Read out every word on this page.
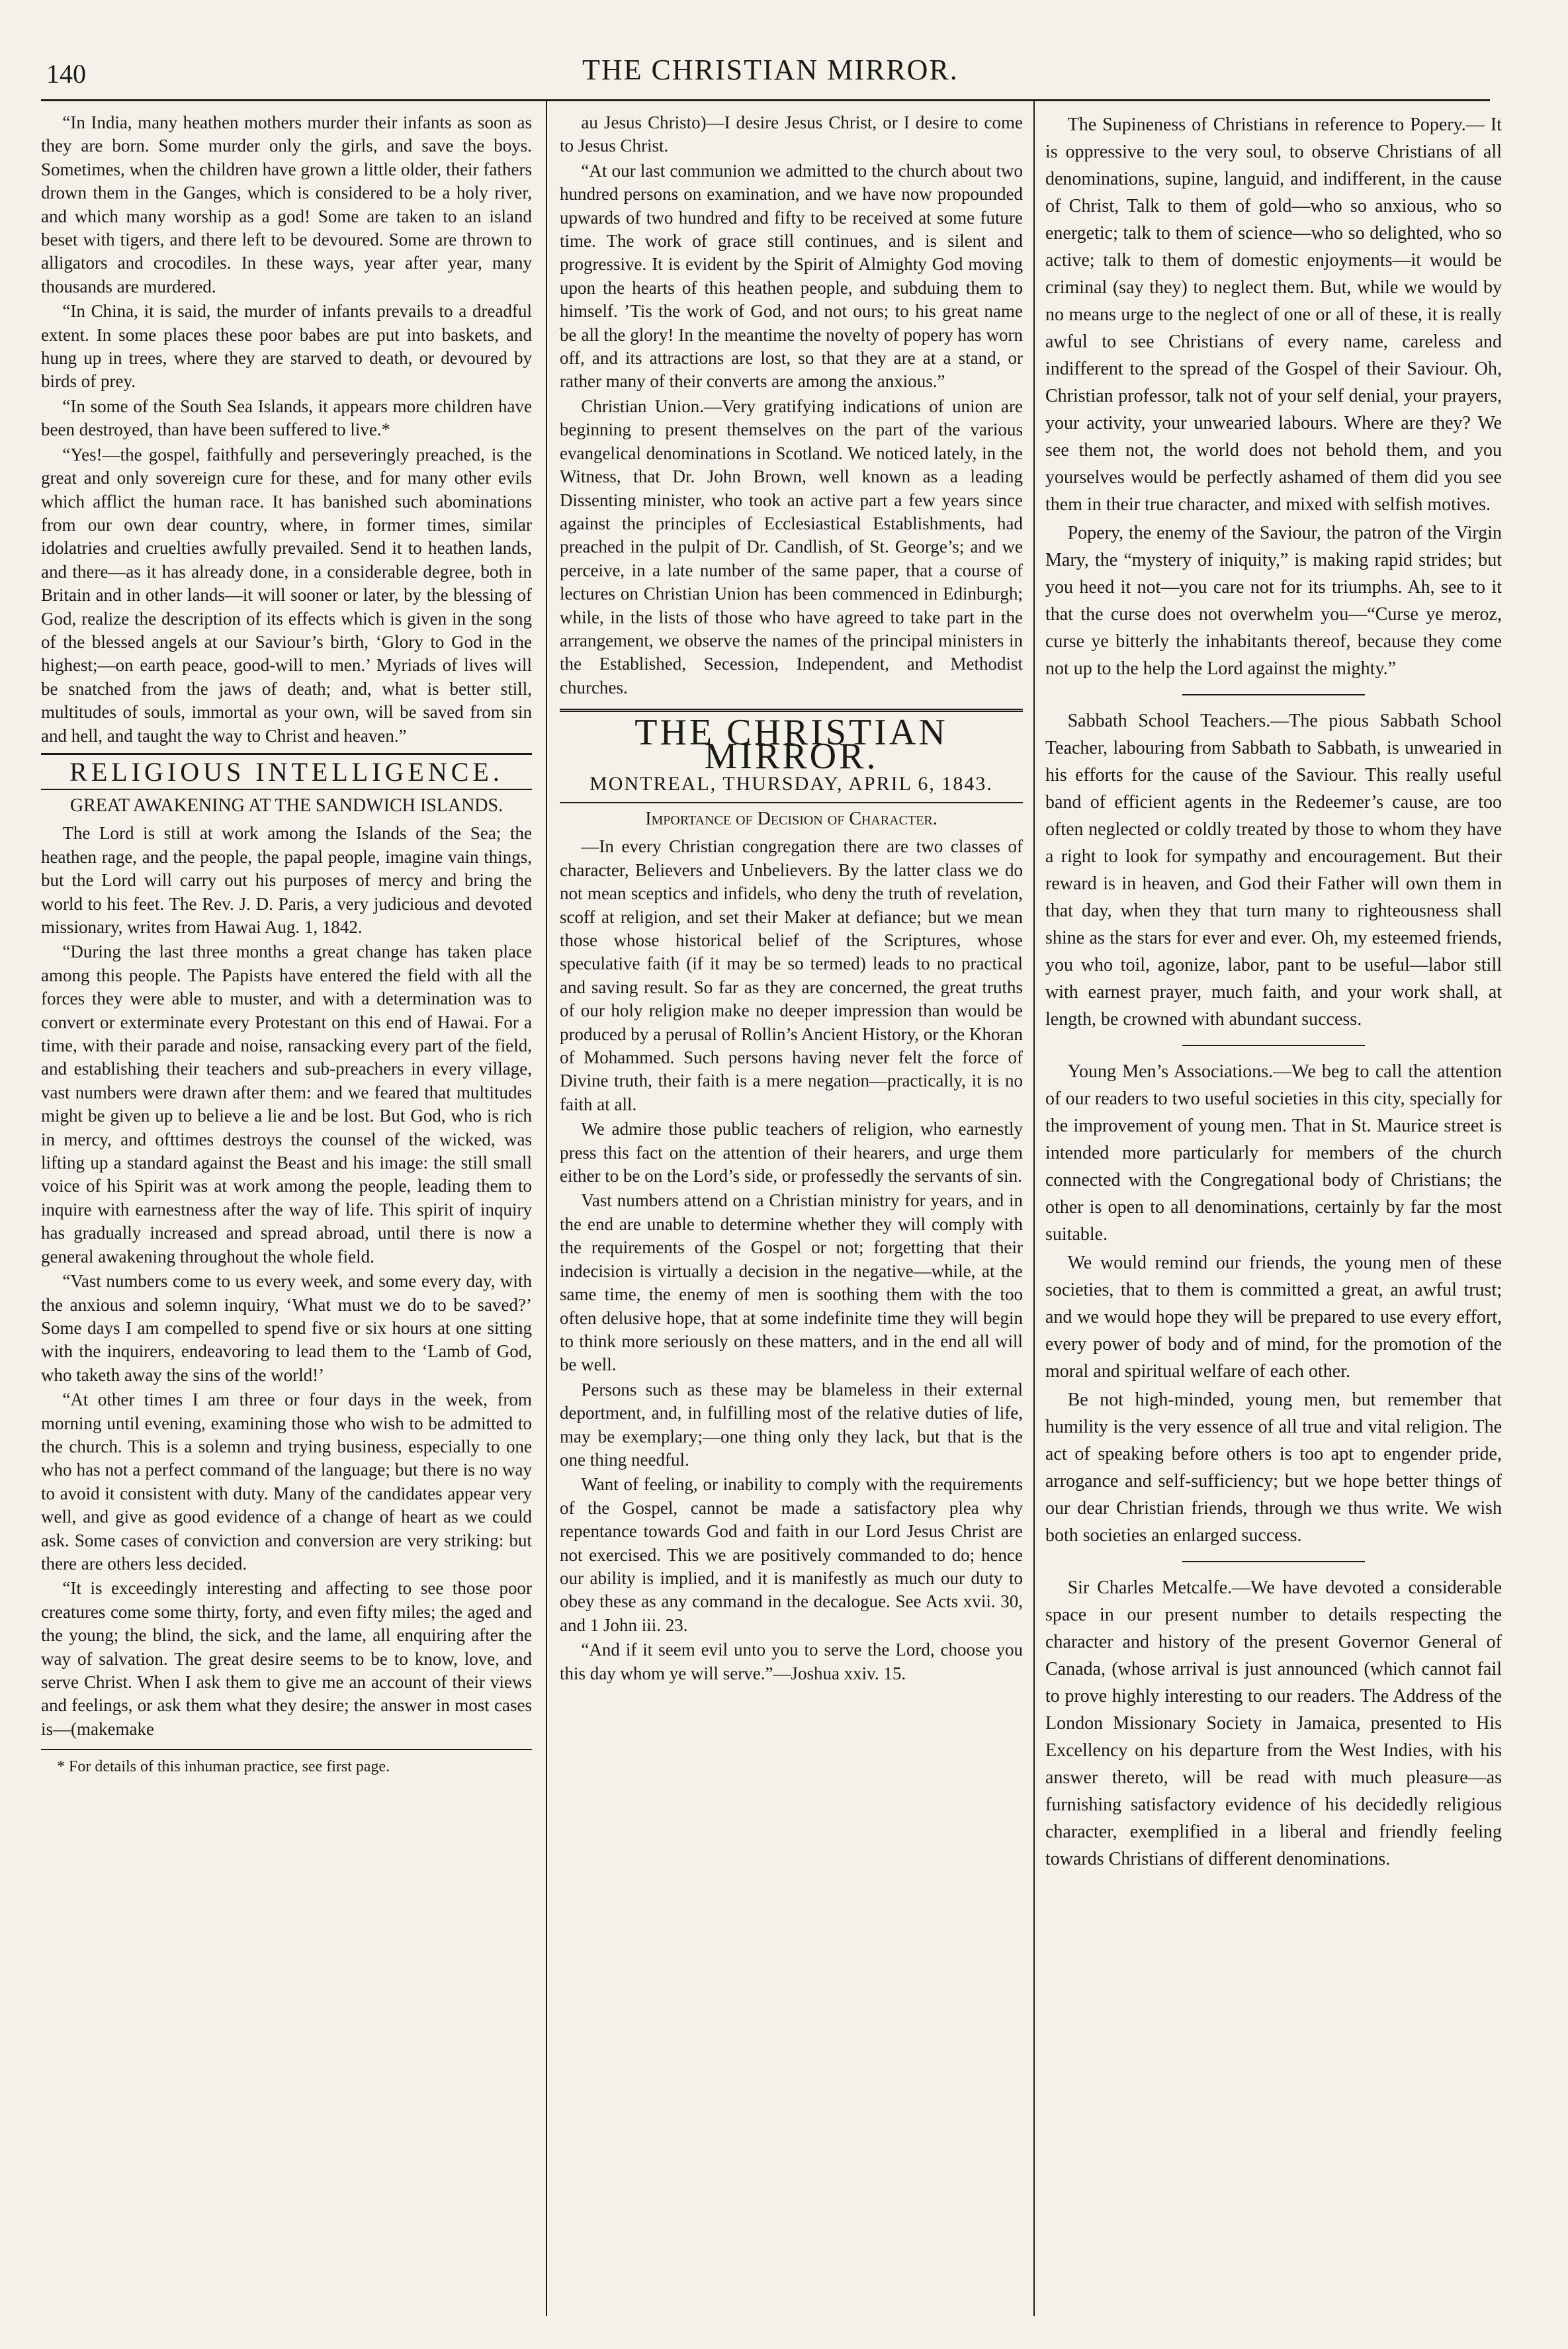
140	THE CHRISTIAN MIRROR.

“In India, many heathen mothers murder their infants as soon as they are born. Some murder only the girls, and save the boys. Sometimes, when the children have grown a little older, their fathers drown them in the Ganges, which is considered to be a holy river, and which many worship as a god! Some are taken to an island beset with tigers, and there left to be devoured. Some are thrown to alligators and crocodiles. In these ways, year after year, many thousands are murdered.

“In China, it is said, the murder of infants prevails to a dreadful extent. In some places these poor babes are put into baskets, and hung up in trees, where they are starved to death, or devoured by birds of prey.

“In some of the South Sea Islands, it appears more children have been destroyed, than have been suffered to live.*

“Yes!—the gospel, faithfully and perseveringly preached, is the great and only sovereign cure for these, and for many other evils which afflict the human race. It has banished such abominations from our own dear country, where, in former times, similar idolatries and cruelties awfully prevailed. Send it to heathen lands, and there—as it has already done, in a considerable degree, both in Britain and in other lands—it will sooner or later, by the blessing of God, realize the description of its effects which is given in the song of the blessed angels at our Saviour’s birth, ‘Glory to God in the highest;—on earth peace, good-will to men.’ Myriads of lives will be snatched from the jaws of death; and, what is better still, multitudes of souls, immortal as your own, will be saved from sin and hell, and taught the way to Christ and heaven.”

RELIGIOUS INTELLIGENCE.
GREAT AWAKENING AT THE SANDWICH ISLANDS.

The Lord is still at work among the Islands of the Sea; the heathen rage, and the people, the papal people, imagine vain things, but the Lord will carry out his purposes of mercy and bring the world to his feet. The Rev. J. D. Paris, a very judicious and devoted missionary, writes from Hawai Aug. 1, 1842.

“During the last three months a great change has taken place among this people. The Papists have entered the field with all the forces they were able to muster, and with a determination was to convert or exterminate every Protestant on this end of Hawai. For a time, with their parade and noise, ransacking every part of the field, and establishing their teachers and sub-preachers in every village, vast numbers were drawn after them: and we feared that multitudes might be given up to believe a lie and be lost. But God, who is rich in mercy, and ofttimes destroys the counsel of the wicked, was lifting up a standard against the Beast and his image: the still small voice of his Spirit was at work among the people, leading them to inquire with earnestness after the way of life. This spirit of inquiry has gradually increased and spread abroad, until there is now a general awakening throughout the whole field.

“Vast numbers come to us every week, and some every day, with the anxious and solemn inquiry, ‘What must we do to be saved?’ Some days I am compelled to spend five or six hours at one sitting with the inquirers, endeavoring to lead them to the ‘Lamb of God, who taketh away the sins of the world!’

“At other times I am three or four days in the week, from morning until evening, examining those who wish to be admitted to the church. This is a solemn and trying business, especially to one who has not a perfect command of the language; but there is no way to avoid it consistent with duty. Many of the candidates appear very well, and give as good evidence of a change of heart as we could ask. Some cases of conviction and conversion are very striking: but there are others less decided.

“It is exceedingly interesting and affecting to see those poor creatures come some thirty, forty, and even fifty miles; the aged and the young; the blind, the sick, and the lame, all enquiring after the way of salvation. The great desire seems to be to know, love, and serve Christ. When I ask them to give me an account of their views and feelings, or ask them what they desire; the answer in most cases is—(makemake

* For details of this inhuman practice, see first page.

au Jesus Christo)—I desire Jesus Christ, or I desire to come to Jesus Christ.

“At our last communion we admitted to the church about two hundred persons on examination, and we have now propounded upwards of two hundred and fifty to be received at some future time. The work of grace still continues, and is silent and progressive. It is evident by the Spirit of Almighty God moving upon the hearts of this heathen people, and subduing them to himself. ’Tis the work of God, and not ours; to his great name be all the glory! In the meantime the novelty of popery has worn off, and its attractions are lost, so that they are at a stand, or rather many of their converts are among the anxious.”

Christian Union.—Very gratifying indications of union are beginning to present themselves on the part of the various evangelical denominations in Scotland. We noticed lately, in the Witness, that Dr. John Brown, well known as a leading Dissenting minister, who took an active part a few years since against the principles of Ecclesiastical Establishments, had preached in the pulpit of Dr. Candlish, of St. George’s; and we perceive, in a late number of the same paper, that a course of lectures on Christian Union has been commenced in Edinburgh; while, in the lists of those who have agreed to take part in the arrangement, we observe the names of the principal ministers in the Established, Secession, Independent, and Methodist churches.

THE CHRISTIAN MIRROR.
MONTREAL, THURSDAY, APRIL 6, 1843.
Importance of Decision of Character.

—In every Christian congregation there are two classes of character, Believers and Unbelievers. By the latter class we do not mean sceptics and infidels, who deny the truth of revelation, scoff at religion, and set their Maker at defiance; but we mean those whose historical belief of the Scriptures, whose speculative faith (if it may be so termed) leads to no practical and saving result. So far as they are concerned, the great truths of our holy religion make no deeper impression than would be produced by a perusal of Rollin’s Ancient History, or the Khoran of Mohammed. Such persons having never felt the force of Divine truth, their faith is a mere negation—practically, it is no faith at all.

We admire those public teachers of religion, who earnestly press this fact on the attention of their hearers, and urge them either to be on the Lord’s side, or professedly the servants of sin.

Vast numbers attend on a Christian ministry for years, and in the end are unable to determine whether they will comply with the requirements of the Gospel or not; forgetting that their indecision is virtually a decision in the negative—while, at the same time, the enemy of men is soothing them with the too often delusive hope, that at some indefinite time they will begin to think more seriously on these matters, and in the end all will be well.

Persons such as these may be blameless in their external deportment, and, in fulfilling most of the relative duties of life, may be exemplary;—one thing only they lack, but that is the one thing needful.

Want of feeling, or inability to comply with the requirements of the Gospel, cannot be made a satisfactory plea why repentance towards God and faith in our Lord Jesus Christ are not exercised. This we are positively commanded to do; hence our ability is implied, and it is manifestly as much our duty to obey these as any command in the decalogue. See Acts xvii. 30, and 1 John iii. 23.

“And if it seem evil unto you to serve the Lord, choose you this day whom ye will serve.”—Joshua xxiv. 15.

The Supineness of Christians in reference to Popery.— It is oppressive to the very soul, to observe Christians of all denominations, supine, languid, and indifferent, in the cause of Christ, Talk to them of gold—who so anxious, who so energetic; talk to them of science—who so delighted, who so active; talk to them of domestic enjoyments—it would be criminal (say they) to neglect them. But, while we would by no means urge to the neglect of one or all of these, it is really awful to see Christians of every name, careless and indifferent to the spread of the Gospel of their Saviour. Oh, Christian professor, talk not of your self denial, your prayers, your activity, your unwearied labours. Where are they? We see them not, the world does not behold them, and you yourselves would be perfectly ashamed of them did you see them in their true character, and mixed with selfish motives.

Popery, the enemy of the Saviour, the patron of the Virgin Mary, the “mystery of iniquity,” is making rapid strides; but you heed it not—you care not for its triumphs. Ah, see to it that the curse does not overwhelm you—“Curse ye meroz, curse ye bitterly the inhabitants thereof, because they come not up to the help the Lord against the mighty.”

Sabbath School Teachers.—The pious Sabbath School Teacher, labouring from Sabbath to Sabbath, is unwearied in his efforts for the cause of the Saviour. This really useful band of efficient agents in the Redeemer’s cause, are too often neglected or coldly treated by those to whom they have a right to look for sympathy and encouragement. But their reward is in heaven, and God their Father will own them in that day, when they that turn many to righteousness shall shine as the stars for ever and ever. Oh, my esteemed friends, you who toil, agonize, labor, pant to be useful—labor still with earnest prayer, much faith, and your work shall, at length, be crowned with abundant success.

Young Men’s Associations.—We beg to call the attention of our readers to two useful societies in this city, specially for the improvement of young men. That in St. Maurice street is intended more particularly for members of the church connected with the Congregational body of Christians; the other is open to all denominations, certainly by far the most suitable.

We would remind our friends, the young men of these societies, that to them is committed a great, an awful trust; and we would hope they will be prepared to use every effort, every power of body and of mind, for the promotion of the moral and spiritual welfare of each other.

Be not high-minded, young men, but remember that humility is the very essence of all true and vital religion. The act of speaking before others is too apt to engender pride, arrogance and self-sufficiency; but we hope better things of our dear Christian friends, through we thus write. We wish both societies an enlarged success.

Sir Charles Metcalfe.—We have devoted a considerable space in our present number to details respecting the character and history of the present Governor General of Canada, (whose arrival is just announced (which cannot fail to prove highly interesting to our readers. The Address of the London Missionary Society in Jamaica, presented to His Excellency on his departure from the West Indies, with his answer thereto, will be read with much pleasure—as furnishing satisfactory evidence of his decidedly religious character, exemplified in a liberal and friendly feeling towards Christians of different denominations.
